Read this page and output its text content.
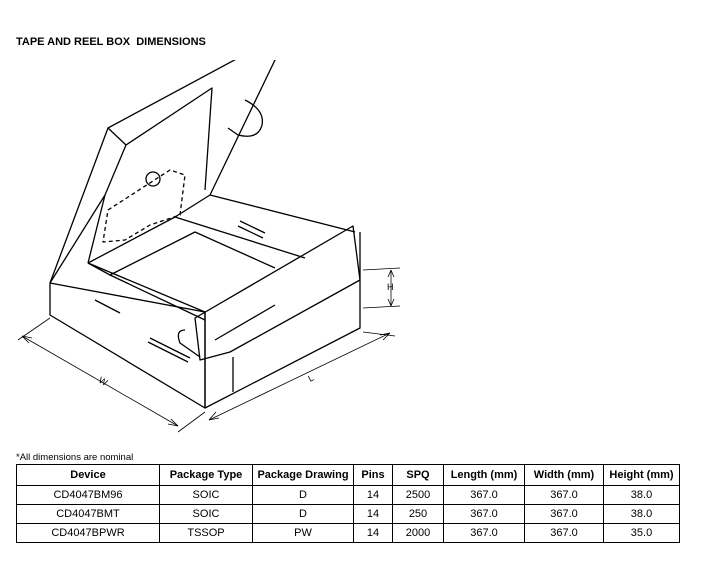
TAPE AND REEL BOX  DIMENSIONS
W	L
H
*All dimensions are nominal
Device	Package Type	Package Drawing	Pins	SPQ	Length (mm)	Width (mm)	Height (mm)
CD4047BM96	SOIC	D	14	2500	367.0	367.0	38.0
CD4047BMT	SOIC	D	14	250	367.0	367.0	38.0
CD4047BPWR	TSSOP	PW	14	2000	367.0	367.0	35.0
